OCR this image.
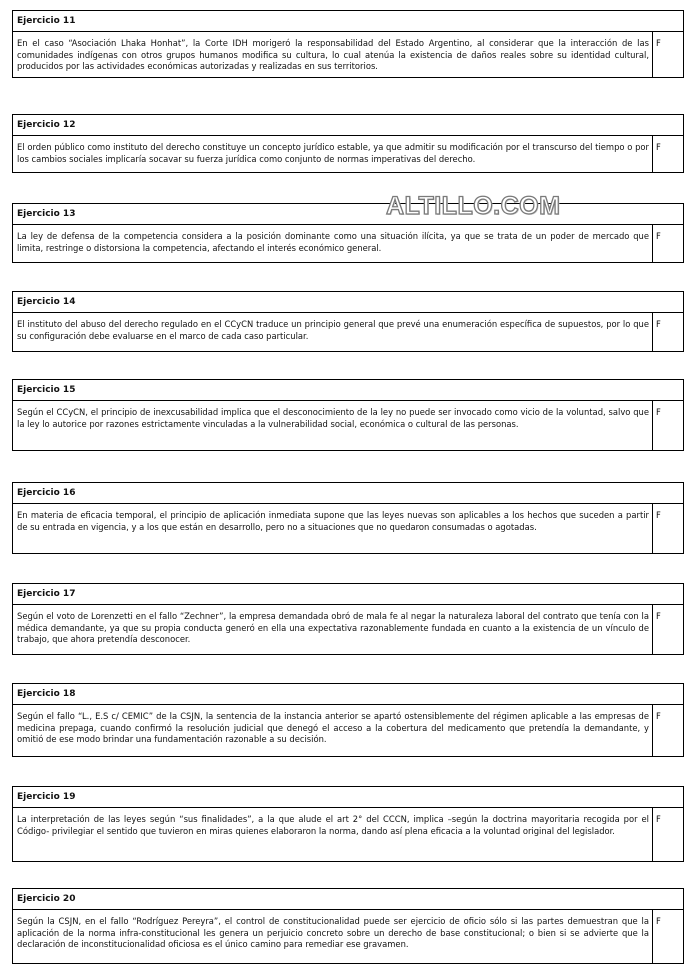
ALTILLO.COM
Ejercicio 11
En el caso “Asociación Lhaka Honhat”, la Corte IDH morigeró la responsabilidad del Estado Argentino, al considerar que la interacción de las comunidades indígenas con otros grupos humanos modifica su cultura, lo cual atenúa la existencia de daños reales sobre su identidad cultural, producidos por las actividades económicas autorizadas y realizadas en sus territorios.
F
Ejercicio 12
El orden público como instituto del derecho constituye un concepto jurídico estable, ya que admitir su modificación por el transcurso del tiempo o por los cambios sociales implicaría socavar su fuerza jurídica como conjunto de normas imperativas del derecho.
F
Ejercicio 13
La ley de defensa de la competencia considera a la posición dominante como una situación ilícita, ya que se trata de un poder de mercado que limita, restringe o distorsiona la competencia, afectando el interés económico general.
F
Ejercicio 14
El instituto del abuso del derecho regulado en el CCyCN traduce un principio general que prevé una enumeración específica de supuestos, por lo que su configuración debe evaluarse en el marco de cada caso particular.
F
Ejercicio 15
Según el CCyCN, el principio de inexcusabilidad implica que el desconocimiento de la ley no puede ser invocado como vicio de la voluntad, salvo que la ley lo autorice por razones estrictamente vinculadas a la vulnerabilidad social, económica o cultural de las personas.
F
Ejercicio 16
En materia de eficacia temporal, el principio de aplicación inmediata supone que las leyes nuevas son aplicables a los hechos que suceden a partir de su entrada en vigencia, y a los que están en desarrollo, pero no a situaciones que no quedaron consumadas o agotadas.
F
Ejercicio 17
Según el voto de Lorenzetti en el fallo “Zechner”, la empresa demandada obró de mala fe al negar la naturaleza laboral del contrato que tenía con la médica demandante, ya que su propia conducta generó en ella una expectativa razonablemente fundada en cuanto a la existencia de un vínculo de trabajo, que ahora pretendía desconocer.
F
Ejercicio 18
Según el fallo “L., E.S c/ CEMIC” de la CSJN, la sentencia de la instancia anterior se apartó ostensiblemente del régimen aplicable a las empresas de medicina prepaga, cuando confirmó la resolución judicial que denegó el acceso a la cobertura del medicamento que pretendía la demandante, y omitió de ese modo brindar una fundamentación razonable a su decisión.
F
Ejercicio 19
La interpretación de las leyes según “sus finalidades”, a la que alude el art 2° del CCCN, implica –según la doctrina mayoritaria recogida por el Código- privilegiar el sentido que tuvieron en miras quienes elaboraron la norma, dando así plena eficacia a la voluntad original del legislador.
F
Ejercicio 20
Según la CSJN, en el fallo “Rodríguez Pereyra”, el control de constitucionalidad puede ser ejercicio de oficio sólo si las partes demuestran que la aplicación de la norma infra-constitucional les genera un perjuicio concreto sobre un derecho de base constitucional; o bien si se advierte que la declaración de inconstitucionalidad oficiosa es el único camino para remediar ese gravamen.
F
